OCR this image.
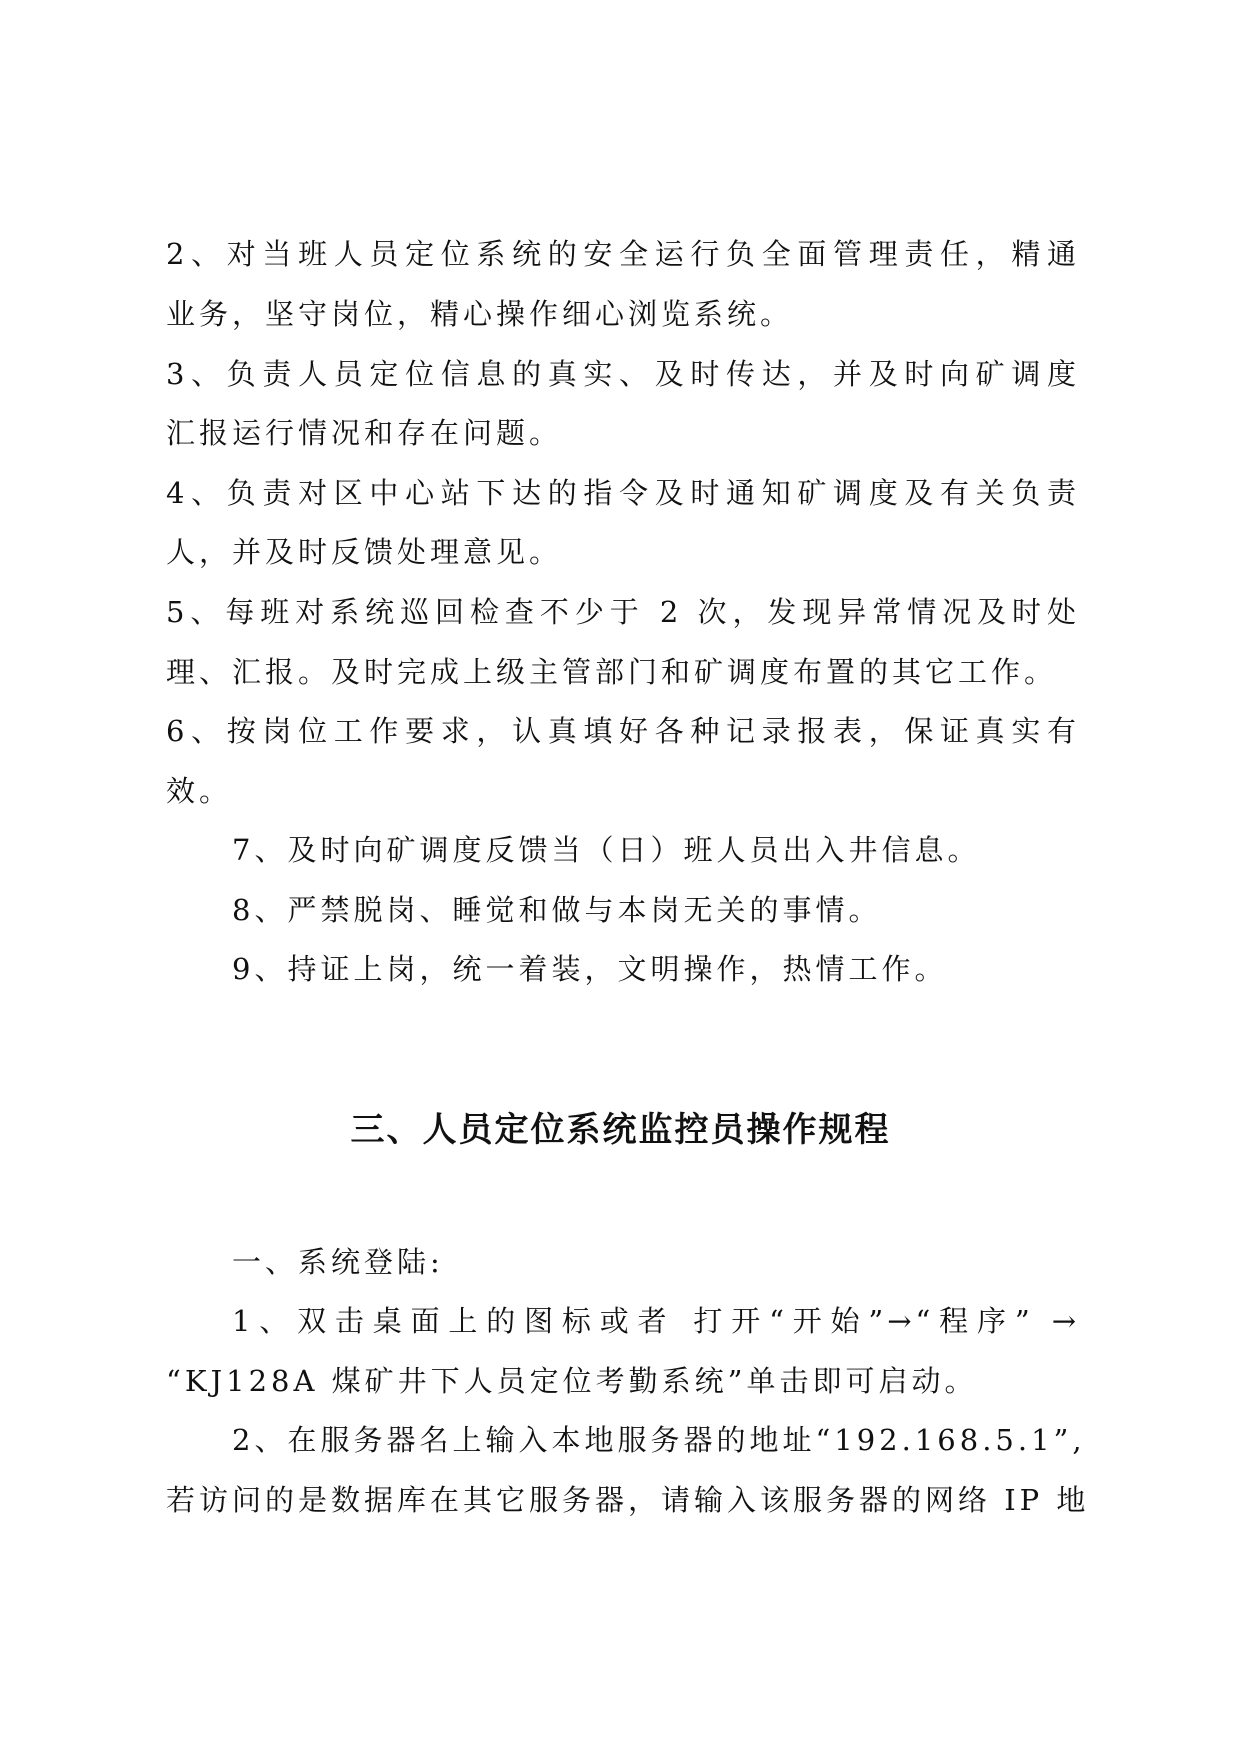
2、对当班人员定位系统的安全运行负全面管理责任，精通
业务，坚守岗位，精心操作细心浏览系统。
3、负责人员定位信息的真实、及时传达，并及时向矿调度
汇报运行情况和存在问题。
4、负责对区中心站下达的指令及时通知矿调度及有关负责
人，并及时反馈处理意见。
5、每班对系统巡回检查不少于 2 次，发现异常情况及时处
理、汇报。及时完成上级主管部门和矿调度布置的其它工作。
6、按岗位工作要求，认真填好各种记录报表，保证真实有
效。
7、及时向矿调度反馈当（日）班人员出入井信息。
8、严禁脱岗、睡觉和做与本岗无关的事情。
9、持证上岗，统一着装，文明操作，热情工作。
三、人员定位系统监控员操作规程
一、系统登陆:
1、双击桌面上的图标或者 打开“开始”→“程序” →
“KJ128A 煤矿井下人员定位考勤系统”单击即可启动。
2、在服务器名上输入本地服务器的地址“192.168.5.1”,
若访问的是数据库在其它服务器，请输入该服务器的网络 IP 地
